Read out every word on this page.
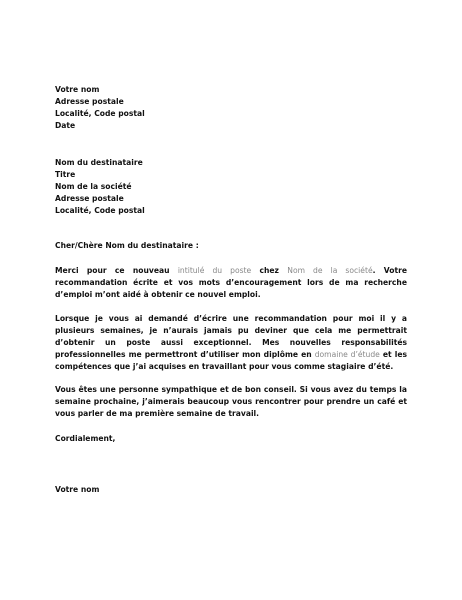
Votre nom
Adresse postale
Localité, Code postal
Date
Nom du destinataire
Titre
Nom de la société
Adresse postale
Localité, Code postal
Cher/Chère Nom du destinataire :

Merci pour ce nouveau intitulé du poste chez Nom de la société. Votre recommandation écrite et vos mots d’encouragement lors de ma recherche d’emploi m’ont aidé à obtenir ce nouvel emploi.

Lorsque je vous ai demandé d’écrire une recommandation pour moi il y a plusieurs semaines, je n’aurais jamais pu deviner que cela me permettrait d’obtenir un poste aussi exceptionnel. Mes nouvelles responsabilités professionnelles me permettront d’utiliser mon diplôme en domaine d’étude et les compétences que j’ai acquises en travaillant pour vous comme stagiaire d’été.

Vous êtes une personne sympathique et de bon conseil. Si vous avez du temps la semaine prochaine, j’aimerais beaucoup vous rencontrer pour prendre un café et vous parler de ma première semaine de travail.

Cordialement,
Votre nom
